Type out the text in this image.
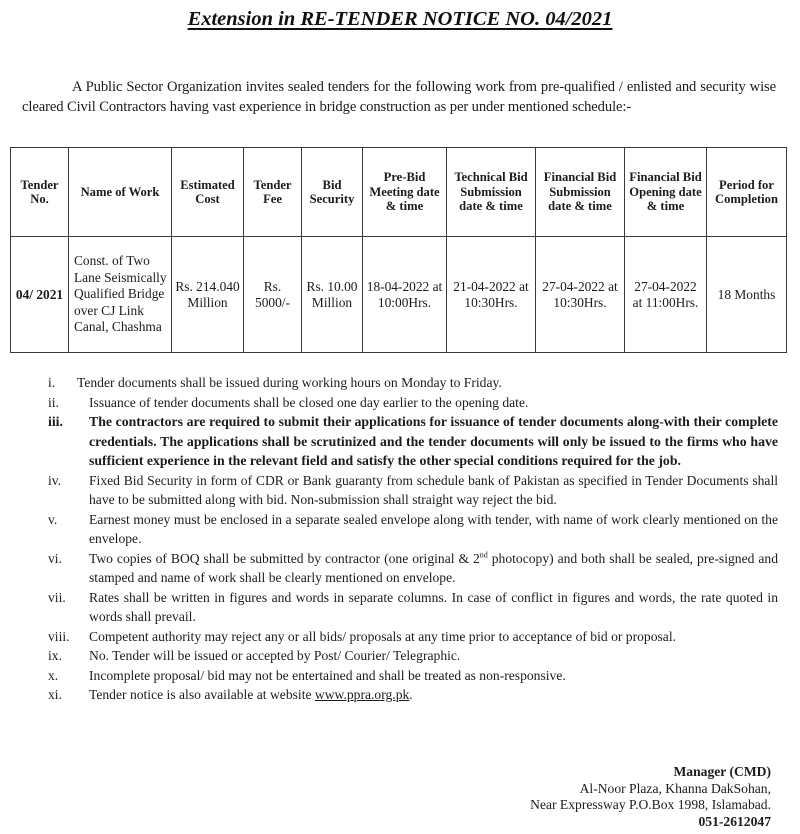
Extension in RE-TENDER NOTICE NO. 04/2021

A Public Sector Organization invites sealed tenders for the following work from pre-qualified / enlisted and security wise cleared Civil Contractors having vast experience in bridge construction as per under mentioned schedule:-

Tender No.	Name of Work	Estimated Cost	Tender Fee	Bid Security	Pre-Bid Meeting date & time	Technical Bid Submission date & time	Financial Bid Submission date & time	Financial Bid Opening date & time	Period for Completion
04/ 2021	Const. of Two Lane Seismically Qualified Bridge over CJ Link Canal, Chashma	Rs. 214.040 Million	Rs. 5000/-	Rs. 10.00 Million	18-04-2022 at 10:00Hrs.	21-04-2022 at 10:30Hrs.	27-04-2022 at 10:30Hrs.	27-04-2022 at 11:00Hrs.	18 Months
i.	Tender documents shall be issued during working hours on Monday to Friday.
ii.	Issuance of tender documents shall be closed one day earlier to the opening date.
iii.	The contractors are required to submit their applications for issuance of tender documents along-with their complete credentials. The applications shall be scrutinized and the tender documents will only be issued to the firms who have sufficient experience in the relevant field and satisfy the other special conditions required for the job.
iv.	Fixed Bid Security in form of CDR or Bank guaranty from schedule bank of Pakistan as specified in Tender Documents shall have to be submitted along with bid. Non-submission shall straight way reject the bid.
v.	Earnest money must be enclosed in a separate sealed envelope along with tender, with name of work clearly mentioned on the envelope.
vi.	Two copies of BOQ shall be submitted by contractor (one original & 2nd photocopy) and both shall be sealed, pre-signed and stamped and name of work shall be clearly mentioned on envelope.
vii.	Rates shall be written in figures and words in separate columns. In case of conflict in figures and words, the rate quoted in words shall prevail.
viii.	Competent authority may reject any or all bids/ proposals at any time prior to acceptance of bid or proposal.
ix.	No. Tender will be issued or accepted by Post/ Courier/ Telegraphic.
x.	Incomplete proposal/ bid may not be entertained and shall be treated as non-responsive.
xi.	Tender notice is also available at website www.ppra.org.pk.
Manager (CMD)
Al-Noor Plaza, Khanna DakSohan,
Near Expressway P.O.Box 1998, Islamabad.
051-2612047
